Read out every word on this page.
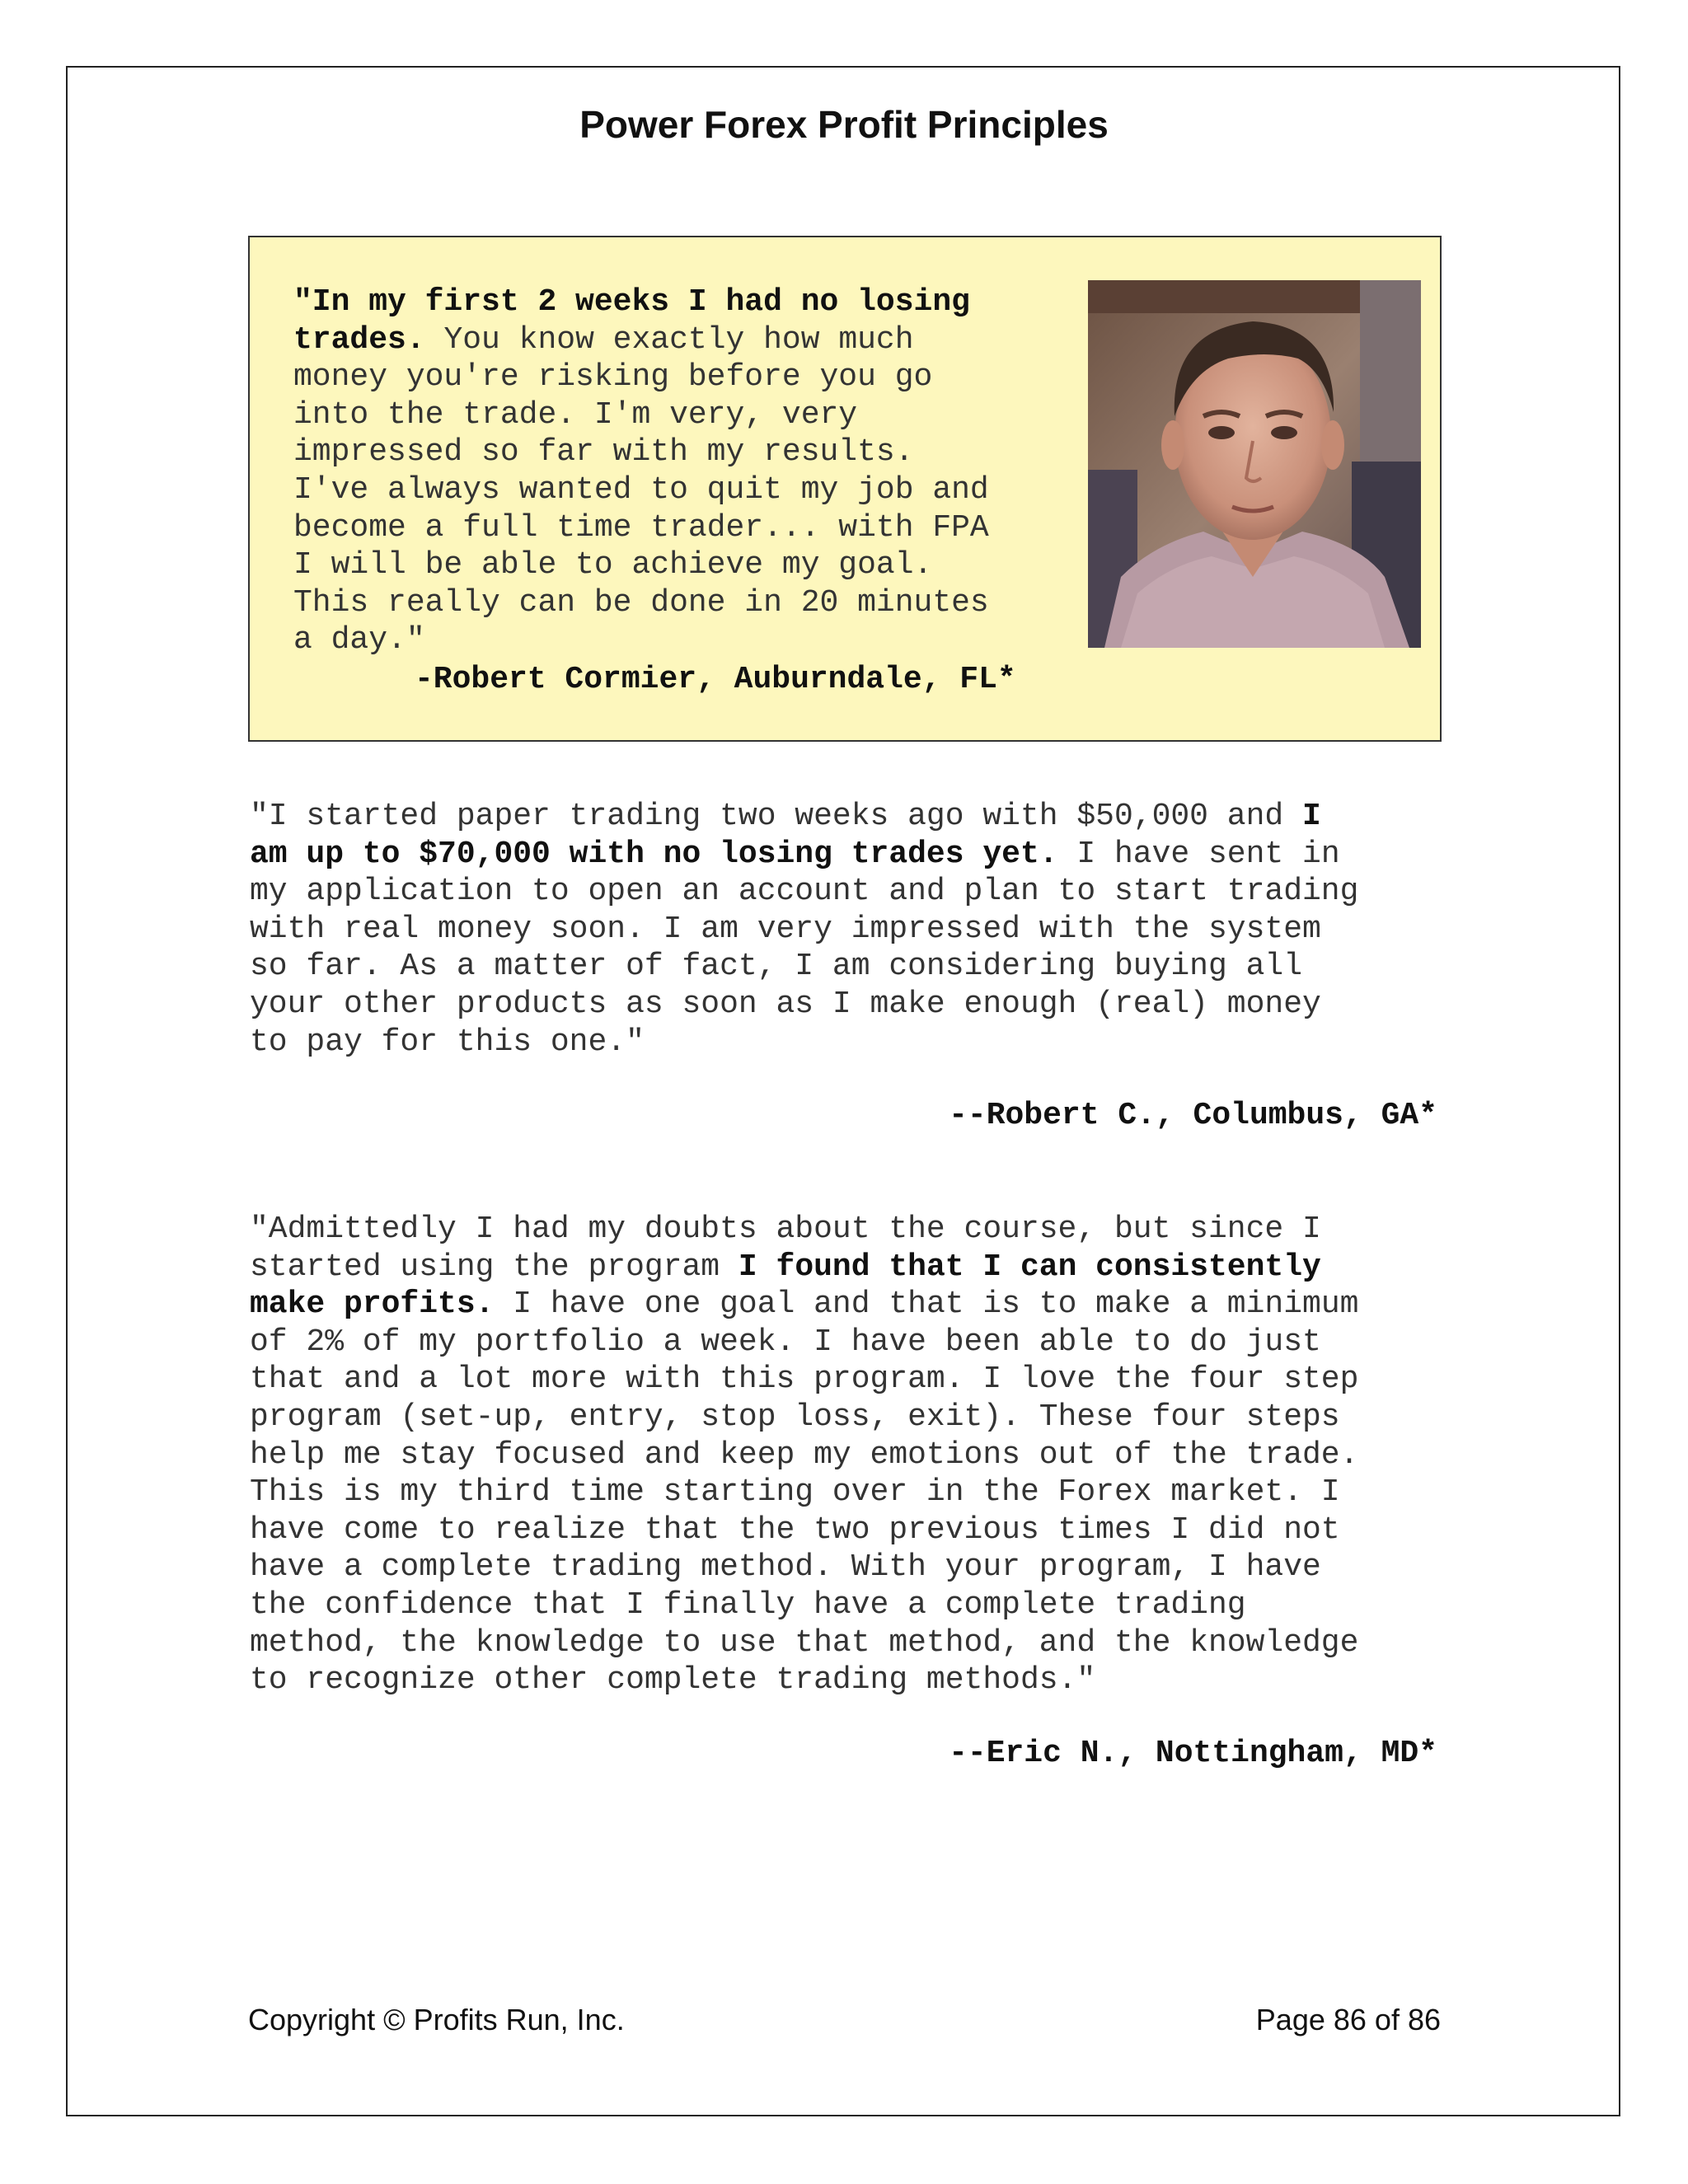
Power Forex Profit Principles
"In my first 2 weeks I had no losing
trades. You know exactly how much
money you're risking before you go
into the trade. I'm very, very
impressed so far with my results.
I've always wanted to quit my job and
become a full time trader... with FPA
I will be able to achieve my goal.
This really can be done in 20 minutes
a day."
-Robert Cormier, Auburndale, FL*
"I started paper trading two weeks ago with $50,000 and I
am up to $70,000 with no losing trades yet. I have sent in
my application to open an account and plan to start trading
with real money soon. I am very impressed with the system
so far. As a matter of fact, I am considering buying all
your other products as soon as I make enough (real) money
to pay for this one."
--Robert C., Columbus, GA*
"Admittedly I had my doubts about the course, but since I
started using the program I found that I can consistently
make profits. I have one goal and that is to make a minimum
of 2% of my portfolio a week. I have been able to do just
that and a lot more with this program. I love the four step
program (set-up, entry, stop loss, exit). These four steps
help me stay focused and keep my emotions out of the trade.
This is my third time starting over in the Forex market. I
have come to realize that the two previous times I did not
have a complete trading method. With your program, I have
the confidence that I finally have a complete trading
method, the knowledge to use that method, and the knowledge
to recognize other complete trading methods."
--Eric N., Nottingham, MD*
Copyright © Profits Run, Inc.	Page 86 of 86
